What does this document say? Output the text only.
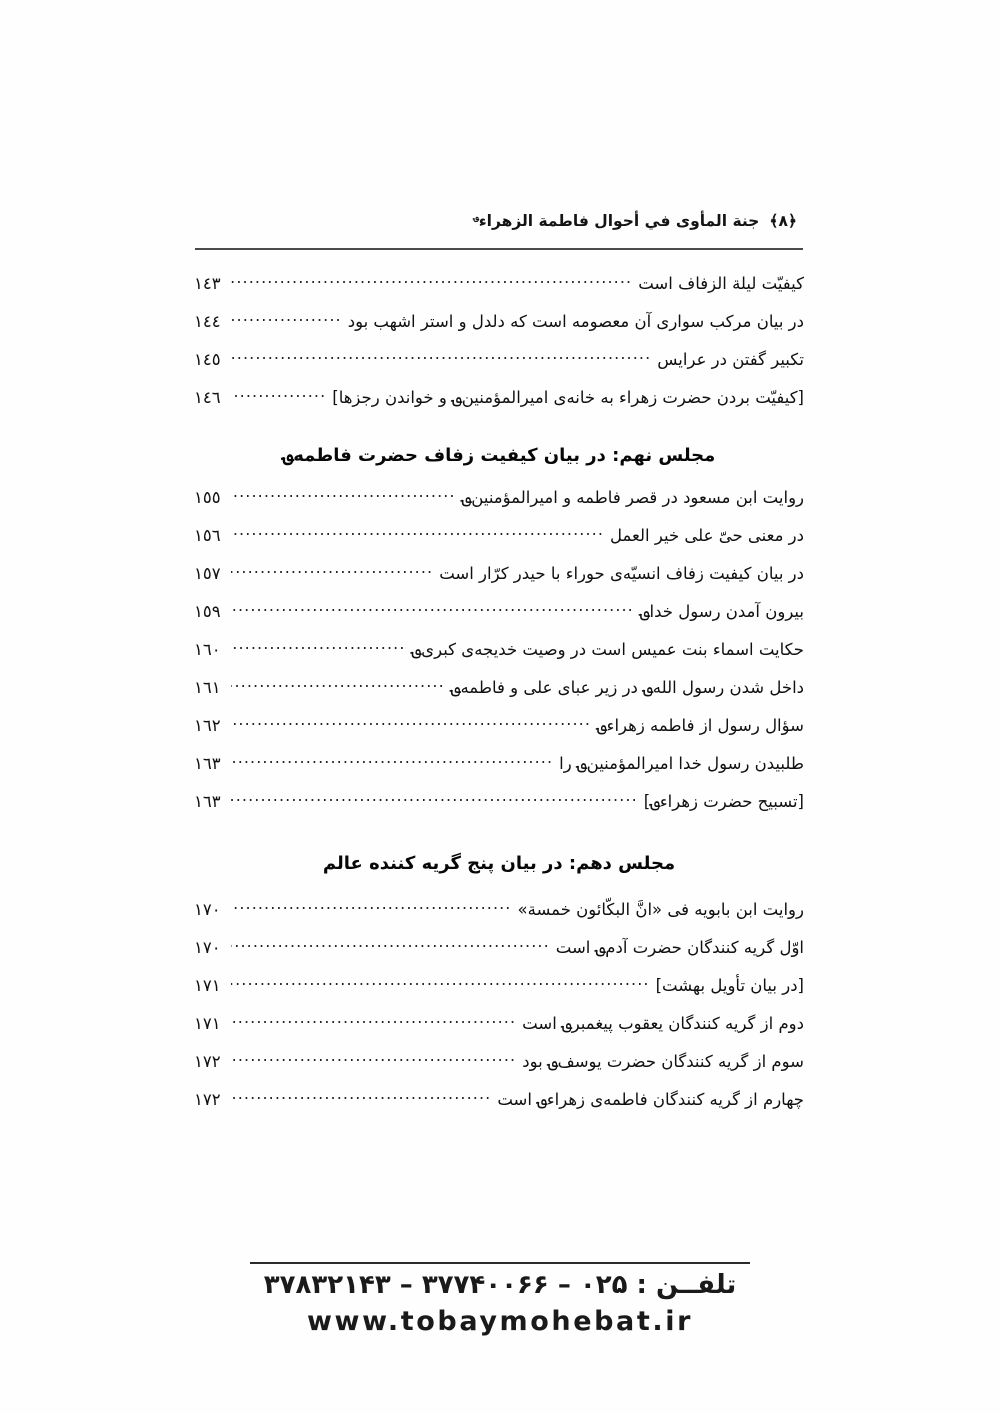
﴿٨﴾جنة المأوى في أحوال فاطمة الزهراء؈
كيفيّت ليلة الزفاف است
.....
١٤٣
در بيان مركب سوارى آن معصومه است كه دلدل و استر اشهب بود
.....
١٤٤
تكبير گفتن در عرايس
.....
١٤٥
[كيفيّت بردن حضرت زهراء به خانه‌ى اميرالمؤمنين؈ و خواندن رجزها]
.....
١٤٦
مجلس نهم: در بيان كيفيت زفاف حضرت فاطمه؈
روايت ابن مسعود در قصر فاطمه و اميرالمؤمنين؈
.....
١٥٥
در معنى حىّ على خير العمل
.....
١٥٦
در بيان كيفيت زفاف انسيّه‌ى حوراء با حيدر كرّار است
.....
١٥٧
بيرون آمدن رسول خدا؈
.....
١٥٩
حكايت اسماء بنت عميس است در وصيت خديجه‌ى كبرى؈
.....
١٦٠
داخل شدن رسول الله؈ در زير عباى على و فاطمه؈
.....
١٦١
سؤال رسول از فاطمه زهراء؈
.....
١٦٢
طلبيدن رسول خدا اميرالمؤمنين؈ را
.....
١٦٣
[تسبيح حضرت زهراء؈]
.....
١٦٣
مجلس دهم: در بيان پنج گريه كننده عالم
روايت ابن بابويه فى «انَّ البكّائون خمسة»
.....
١٧٠
اوّل گريه كنندگان حضرت آدم؈ است
.....
١٧٠
[در بيان تأويل بهشت]
.....
١٧١
دوم از گريه كنندگان يعقوب پيغمبر؈ است
.....
١٧١
سوم از گريه كنندگان حضرت يوسف؈ بود
.....
١٧٢
چهارم از گريه كنندگان فاطمه‌ى زهراء؈ است
.....
١٧٢
تلفــن : ۰۲۵ – ۳۷۷۴۰۰۶۶ – ۳۷۸۳۲۱۴۳
www.tobaymohebat.ir
